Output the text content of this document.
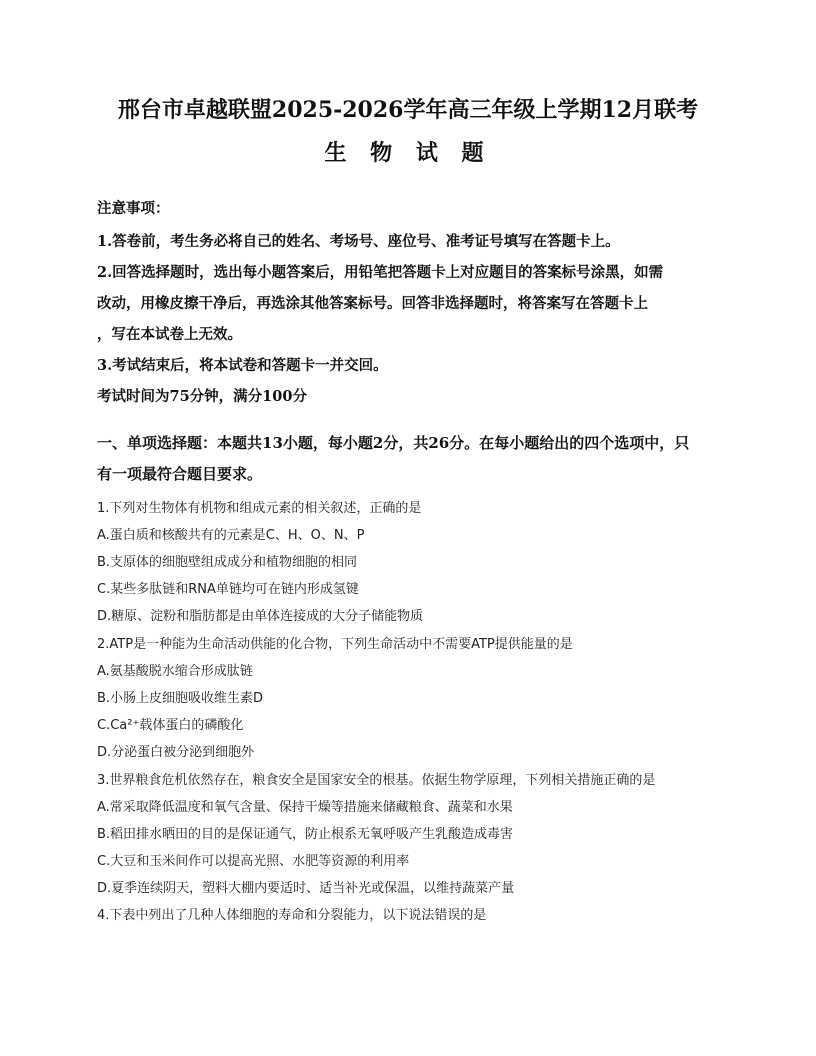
邢台市卓越联盟2025-2026学年高三年级上学期12月联考
生 物 试 题
注意事项：
1.答卷前，考生务必将自己的姓名、考场号、座位号、准考证号填写在答题卡上。
2.回答选择题时，选出每小题答案后，用铅笔把答题卡上对应题目的答案标号涂黑，如需
改动，用橡皮擦干净后，再选涂其他答案标号。回答非选择题时，将答案写在答题卡上
，写在本试卷上无效。
3.考试结束后，将本试卷和答题卡一并交回。
考试时间为75分钟，满分100分
一、单项选择题：本题共13小题，每小题2分，共26分。在每小题给出的四个选项中，只
有一项最符合题目要求。
1.下列对生物体有机物和组成元素的相关叙述，正确的是
A.蛋白质和核酸共有的元素是C、H、O、N、P
B.支原体的细胞壁组成成分和植物细胞的相同
C.某些多肽链和RNA单链均可在链内形成氢键
D.糖原、淀粉和脂肪都是由单体连接成的大分子储能物质
2.ATP是一种能为生命活动供能的化合物，下列生命活动中不需要ATP提供能量的是
A.氨基酸脱水缩合形成肽链
B.小肠上皮细胞吸收维生素D
C.Ca²⁺载体蛋白的磷酸化
D.分泌蛋白被分泌到细胞外
3.世界粮食危机依然存在，粮食安全是国家安全的根基。依据生物学原理，下列相关措施正确的是
A.常采取降低温度和氧气含量、保持干燥等措施来储藏粮食、蔬菜和水果
B.稻田排水晒田的目的是保证通气，防止根系无氧呼吸产生乳酸造成毒害
C.大豆和玉米间作可以提高光照、水肥等资源的利用率
D.夏季连续阴天，塑料大棚内要适时、适当补光或保温，以维持蔬菜产量
4.下表中列出了几种人体细胞的寿命和分裂能力，以下说法错误的是
